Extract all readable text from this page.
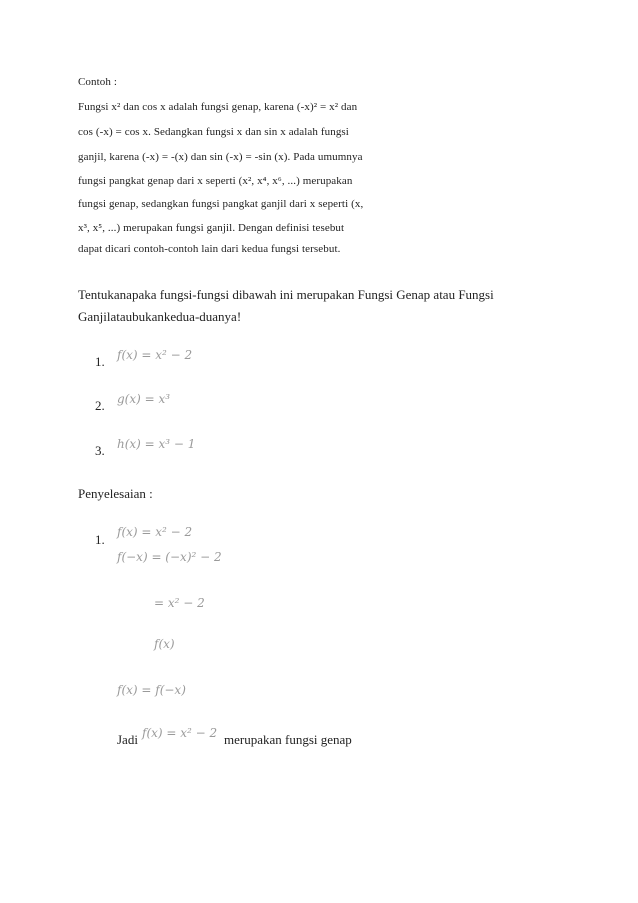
Contoh :
Fungsi x² dan cos x adalah fungsi genap, karena (-x)² = x² dan
cos (-x) = cos x. Sedangkan fungsi x dan sin x adalah fungsi
ganjil, karena (-x) = -(x) dan sin (-x) = -sin (x). Pada umumnya
fungsi pangkat genap dari x seperti (x², x⁴, x⁶, ...) merupakan
fungsi genap, sedangkan fungsi pangkat ganjil dari x seperti (x,
x³, x⁵, ...) merupakan fungsi ganjil. Dengan definisi tesebut
dapat dicari contoh-contoh lain dari kedua fungsi tersebut.
Tentukanapaka fungsi-fungsi dibawah ini merupakan Fungsi Genap atau Fungsi
Ganjilataubukankedua-duanya!
1. f(x) = x² − 2
2. g(x) = x³
3. h(x) = x³ − 1
Penyelesaian :
1. f(x) = x² − 2
f(−x) = (−x)² − 2
= x² − 2
f(x)
f(x) = f(−x)
Jadi f(x) = x² − 2 merupakan fungsi genap
